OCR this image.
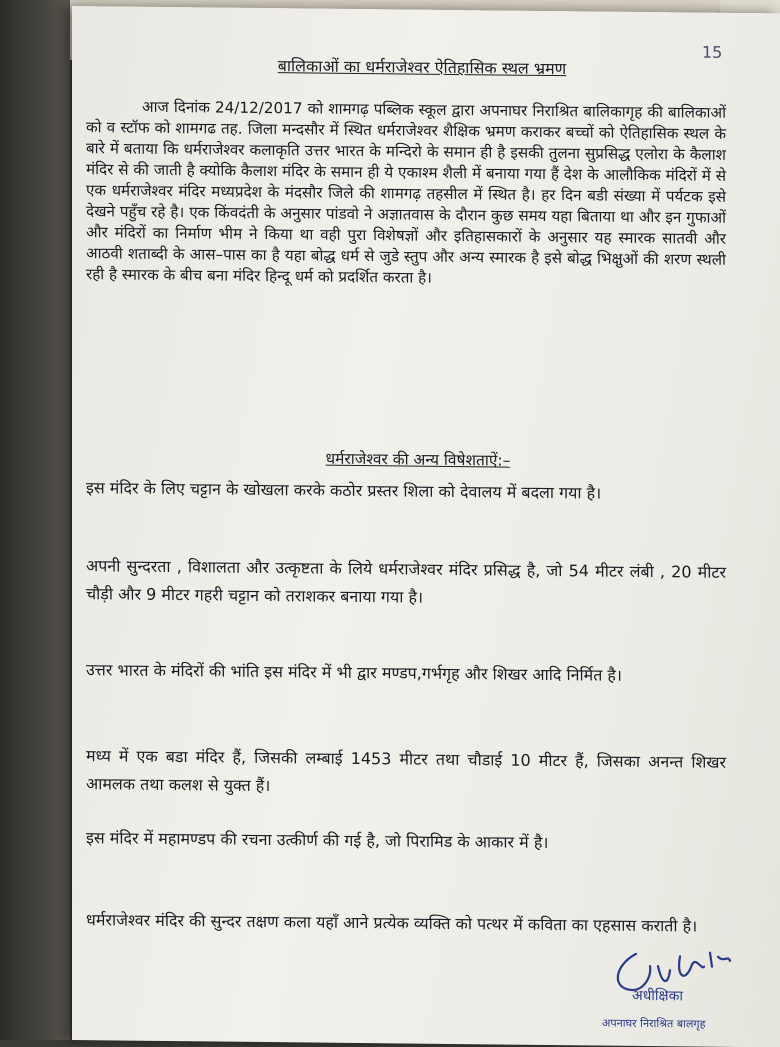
15
बालिकाओं का धर्मराजेश्वर ऐतिहासिक स्थल भ्रमण

आज दिनांक 24/12/2017 को शामगढ़ पब्लिक स्कूल द्वारा अपनाघर निराश्रित बालिकागृह की बालिकाओं को व स्टॉफ को शामगढ तह. जिला मन्दसौर में स्थित धर्मराजेश्वर शैक्षिक भ्रमण कराकर बच्चों को ऐतिहासिक स्थल के बारे में बताया कि धर्मराजेश्वर कलाकृति उत्तर भारत के मन्दिरो के समान ही है इसकी तुलना सुप्रसिद्ध एलोरा के कैलाश मंदिर से की जाती है क्योकि कैलाश मंदिर के समान ही ये एकाश्म शैली में बनाया गया हैं देश के आलौकिक मंदिरों में से एक धर्मराजेश्वर मंदिर मध्यप्रदेश के मंदसौर जिले की शामगढ़ तहसील में स्थित है। हर दिन बडी संख्या में पर्यटक इसे देखने पहुँच रहे है। एक किंवदंती के अनुसार पांडवो ने अज्ञातवास के दौरान कुछ समय यहा बिताया था और इन गुफाओं और मंदिरों का निर्माण भीम ने किया था वही पुरा विशेषज्ञों और इतिहासकारों के अनुसार यह स्मारक सातवी और आठवी शताब्दी के आस–पास का है यहा बोद्ध धर्म से जुडे स्तुप और अन्य स्मारक है इसे बोद्ध भिक्षुओं की शरण स्थली रही है स्मारक के बीच बना मंदिर हिन्दू धर्म को प्रदर्शित करता है।

धर्मराजेश्वर की अन्य विषेशताऐं:–

इस मंदिर के लिए चट्टान के खोखला करके कठोर प्रस्तर शिला को देवालय में बदला गया है।

अपनी सुन्दरता , विशालता और उत्कृष्टता के लिये धर्मराजेश्वर मंदिर प्रसिद्ध है, जो 54 मीटर लंबी , 20 मीटर चौड़ी और 9 मीटर गहरी चट्टान को तराशकर बनाया गया है।

उत्तर भारत के मंदिरों की भांति इस मंदिर में भी द्वार मण्डप,गर्भगृह और शिखर आदि निर्मित है।

मध्य में एक बडा मंदिर हैं, जिसकी लम्बाई 1453 मीटर तथा चौडाई 10 मीटर हैं, जिसका अनन्त शिखर आमलक तथा कलश से युक्त हैं।

इस मंदिर में महामण्डप की रचना उत्कीर्ण की गई है, जो पिरामिड के आकार में है।

धर्मराजेश्वर मंदिर की सुन्दर तक्षण कला यहाँ आने प्रत्येक व्यक्ति को पत्थर में कविता का एहसास कराती है।

अधीक्षिका
अपनाघर निराश्रित बालगृह
